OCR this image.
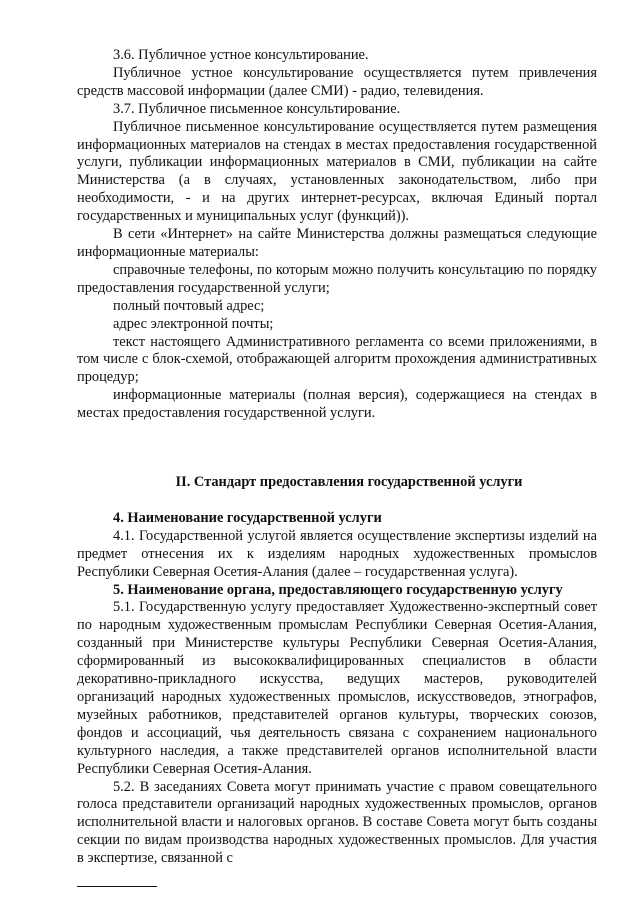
3.6. Публичное устное консультирование.

Публичное устное консультирование осуществляется путем привлечения средств массовой информации (далее СМИ) - радио, телевидения.

3.7. Публичное письменное консультирование.

Публичное письменное консультирование осуществляется путем размещения информационных материалов на стендах в местах предоставления государственной услуги, публикации информационных материалов в СМИ, публикации на сайте Министерства (а в случаях, установленных законодательством, либо при необходимости, - и на других интернет-ресурсах, включая Единый портал государственных и муниципальных услуг (функций)).

В сети «Интернет» на сайте Министерства должны размещаться следующие информационные материалы:

справочные телефоны, по которым можно получить консультацию по порядку предоставления государственной услуги;

полный почтовый адрес;

адрес электронной почты;

текст настоящего Административного регламента со всеми приложениями, в том числе с блок-схемой, отображающей алгоритм прохождения административных процедур;

информационные материалы (полная версия), содержащиеся на стендах в местах предоставления государственной услуги.

II. Стандарт предоставления государственной услуги

4. Наименование государственной услуги

4.1. Государственной услугой является осуществление экспертизы изделий на предмет отнесения их к изделиям народных художественных промыслов Республики Северная Осетия-Алания (далее – государственная услуга).

5. Наименование органа, предоставляющего государственную услугу

5.1. Государственную услугу предоставляет Художественно-экспертный совет по народным художественным промыслам Республики Северная Осетия-Алания, созданный при Министерстве культуры Республики Северная Осетия-Алания, сформированный из высококвалифицированных специалистов в области декоративно-прикладного искусства, ведущих мастеров, руководителей организаций народных художественных промыслов, искусствоведов, этнографов, музейных работников, представителей органов культуры, творческих союзов, фондов и ассоциаций, чья деятельность связана с сохранением национального культурного наследия, а также представителей органов исполнительной власти Республики Северная Осетия-Алания.

5.2. В заседаниях Совета могут принимать участие с правом совещательного голоса представители организаций народных художественных промыслов, органов исполнительной власти и налоговых органов. В составе Совета могут быть созданы секции по видам производства народных художественных промыслов. Для участия в экспертизе, связанной с
